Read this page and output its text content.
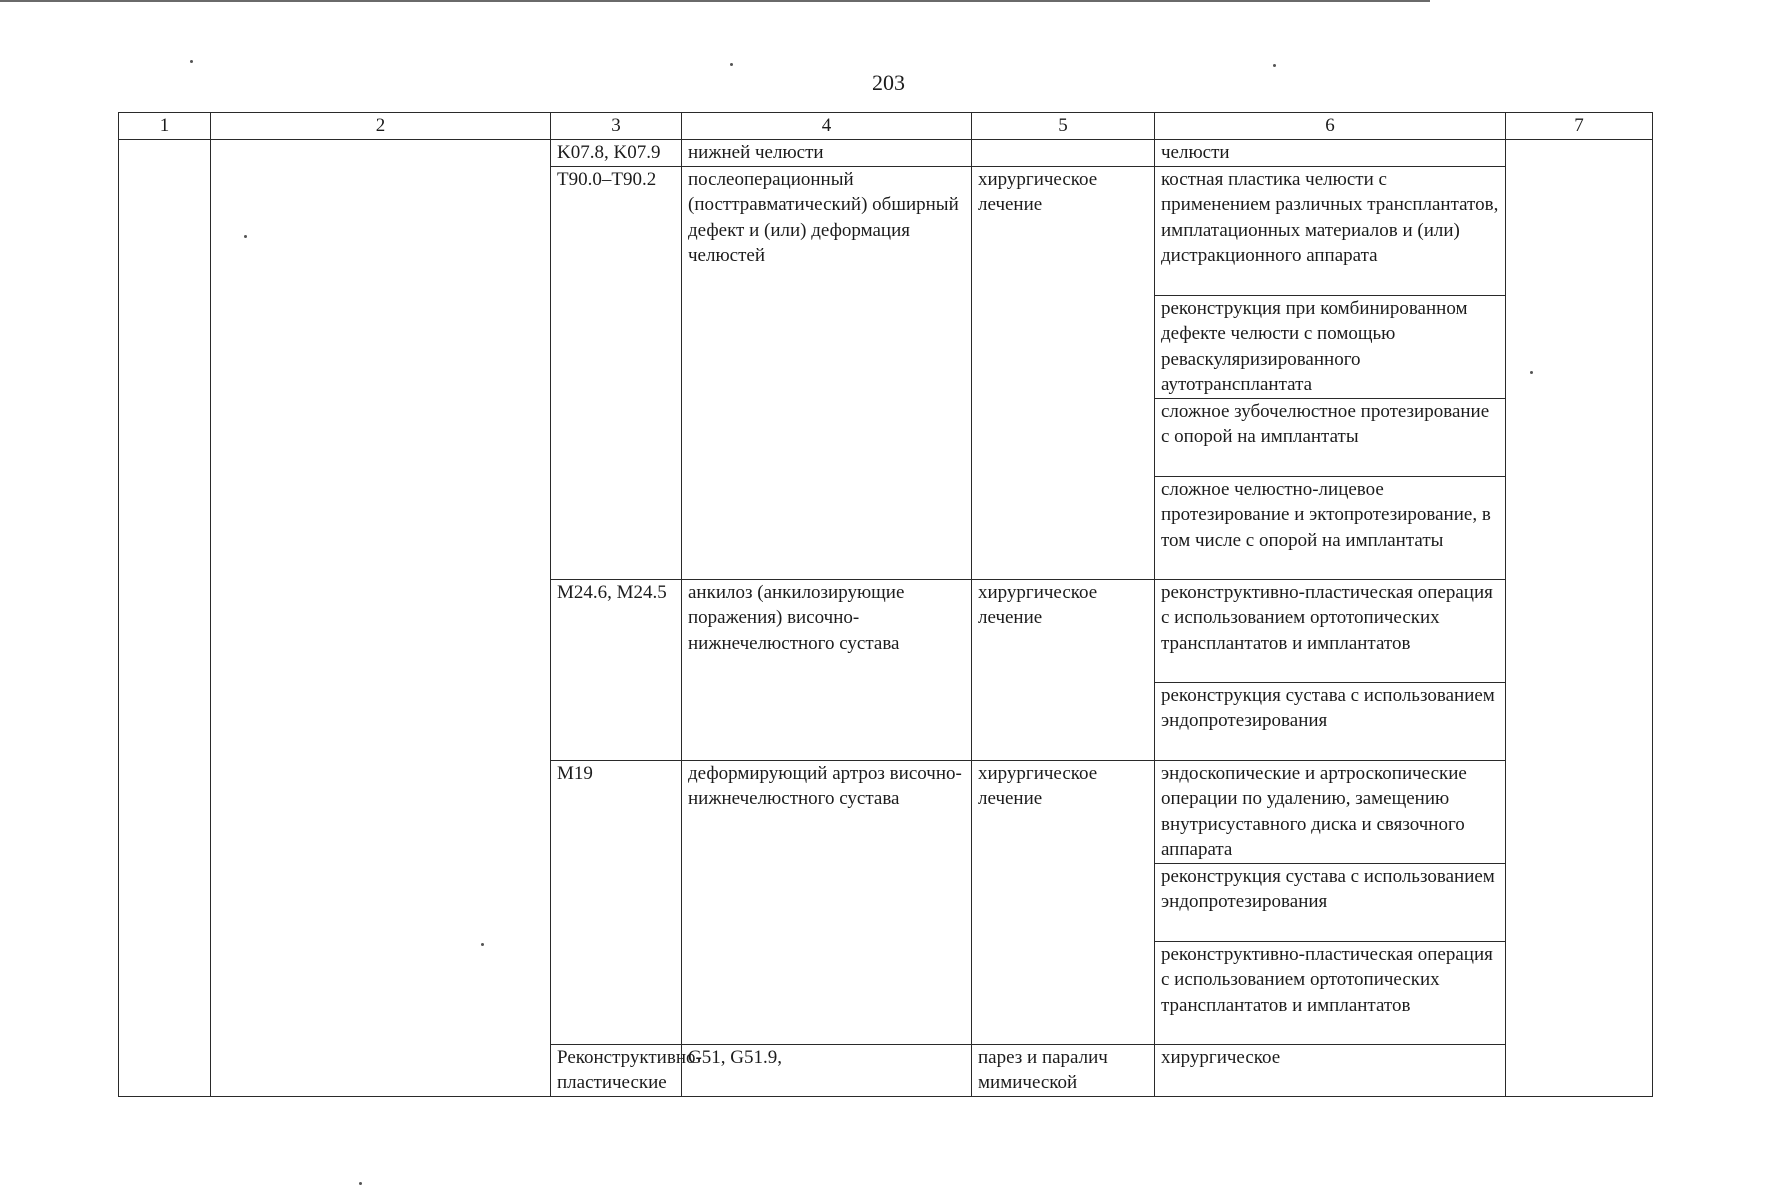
203
1	2	3	4	5	6	7	
		K07.8, K07.9	нижней челюсти		челюсти		
		T90.0–T90.2	послеоперационный (посттравматический) обширный дефект и (или) деформация челюстей	хирургическое лечение	костная пластика челюсти с применением различных трансплантатов, имплатационных материалов и (или) дистракционного аппарата		
					реконструкция при комбинированном дефекте челюсти с помощью реваскуляризированного аутотрансплантата		
					сложное зубочелюстное протезирование с опорой на имплантаты		
					сложное челюстно-лицевое протезирование и эктопротезирование, в том числе с опорой на имплантаты		
		M24.6, M24.5	анкилоз (анкилозирующие поражения) височно-нижнечелюстного сустава	хирургическое лечение	реконструктивно-пластическая операция с использованием ортотопических трансплантатов и имплантатов		
					реконструкция сустава с использованием эндопротезирования		
		M19	деформирующий артроз височно-нижнечелюстного сустава	хирургическое лечение	эндоскопические и артроскопические операции по удалению, замещению внутрисуставного диска и связочного аппарата		
					реконструкция сустава с использованием эндопротезирования		
					реконструктивно-пластическая операция с использованием ортотопических трансплантатов и имплантатов		
		Реконструктивно-пластические	G51, G51.9,	парез и паралич мимической	хирургическое	
